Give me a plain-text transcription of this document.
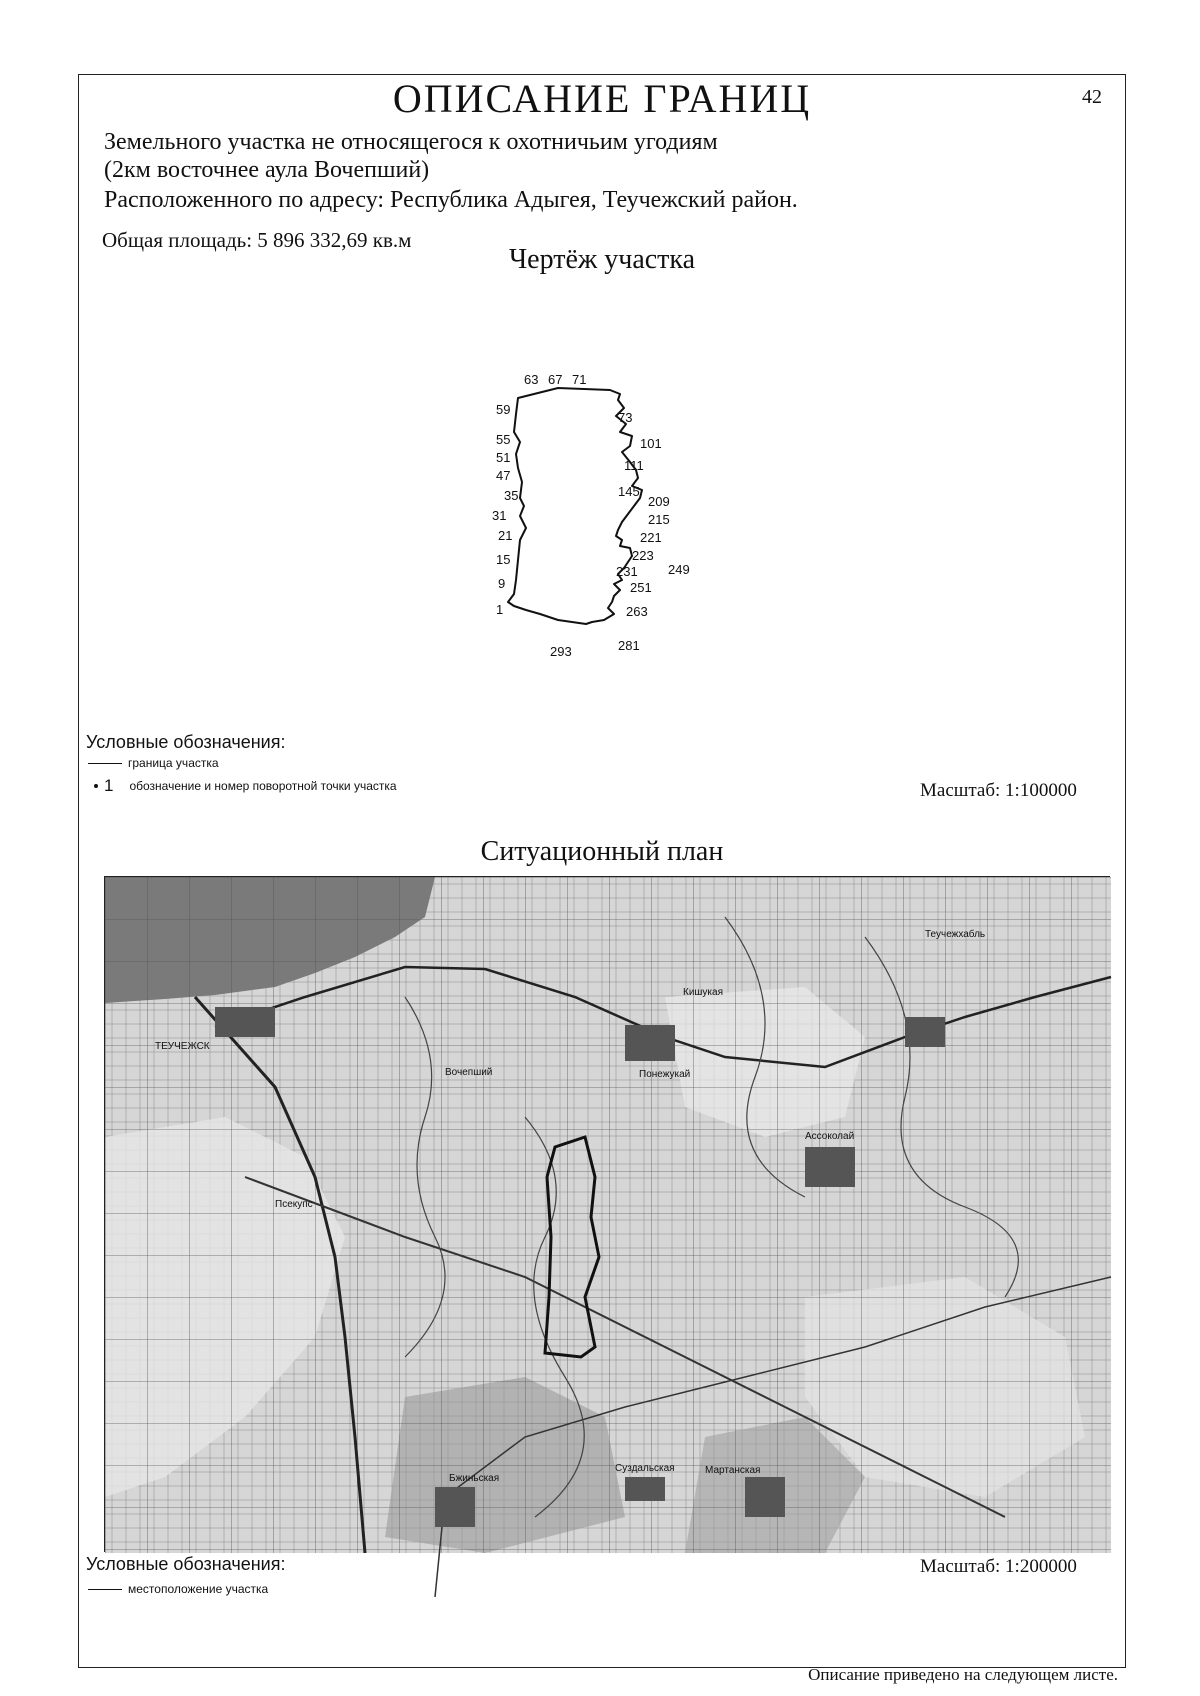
ОПИСАНИЕ ГРАНИЦ	42
Земельного участка не относящегося к охотничьим угодиям
(2км восточнее аула Вочепший)
Расположенного по адресу: Республика Адыгея, Теучежский район.
Общая площадь: 5 896 332,69 кв.м
Чертёж участка
63 67 71
59
73
55	101
51
111
47
35	145
209
31	215
21	221
223
15
231 249
9	251
1	263
293	281
Условные обозначения:
граница участка
1 обозначение и номер поворотной точки участка	Масштаб: 1:100000
Ситуационный план
ТЕУЧЕЖСК
Вочепший	Понежукай
Ассоколай
Суздальская
Бжиньская
Мартанская
Псекупс
Теучежхабль
Кишукая
Условные обозначения:
местоположение участка
Масштаб: 1:200000
Описание приведено на следующем листе.
